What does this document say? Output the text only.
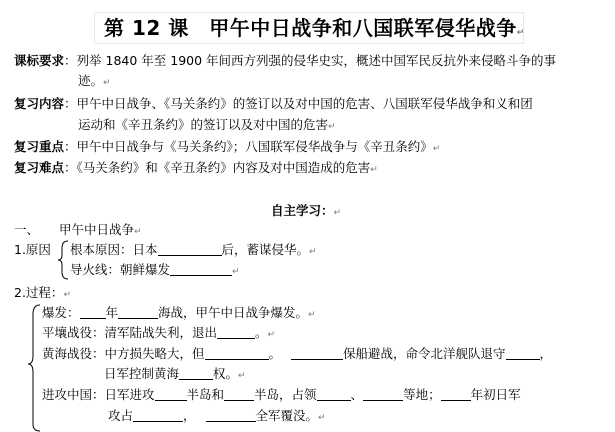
第 12 课　甲午中日战争和八国联军侵华战争↵
课标要求：列举 1840 年至 1900 年间西方列强的侵华史实，概述中国军民反抗外来侵略斗争的事
迹。↵
复习内容：甲午中日战争、《马关条约》的签订以及对中国的危害、八国联军侵华战争和义和团
运动和《辛丑条约》的签订以及对中国的危害↵
复习重点：甲午中日战争与《马关条约》；八国联军侵华战争与《辛丑条约》↵
复习难点：《马关条约》和《辛丑条约》内容及对中国造成的危害↵
自主学习：↵
一、 甲午中日战争↵
1.原因 根本原因：日本	后，蓄谋侵华。↵
导火线：朝鲜爆发	↵
2.过程：↵
爆发： 年	海战，甲午中日战争爆发。↵
平壤战役：清军陆战失利，退出	。↵
黄海战役：中方损失略大，但	。	保船避战，命令北洋舰队退守	，
日军控制黄海	权。↵
进攻中国：日军进攻	半岛和 半岛，占领	、	等地； 年初日军
攻占	，	全军覆没。↵
